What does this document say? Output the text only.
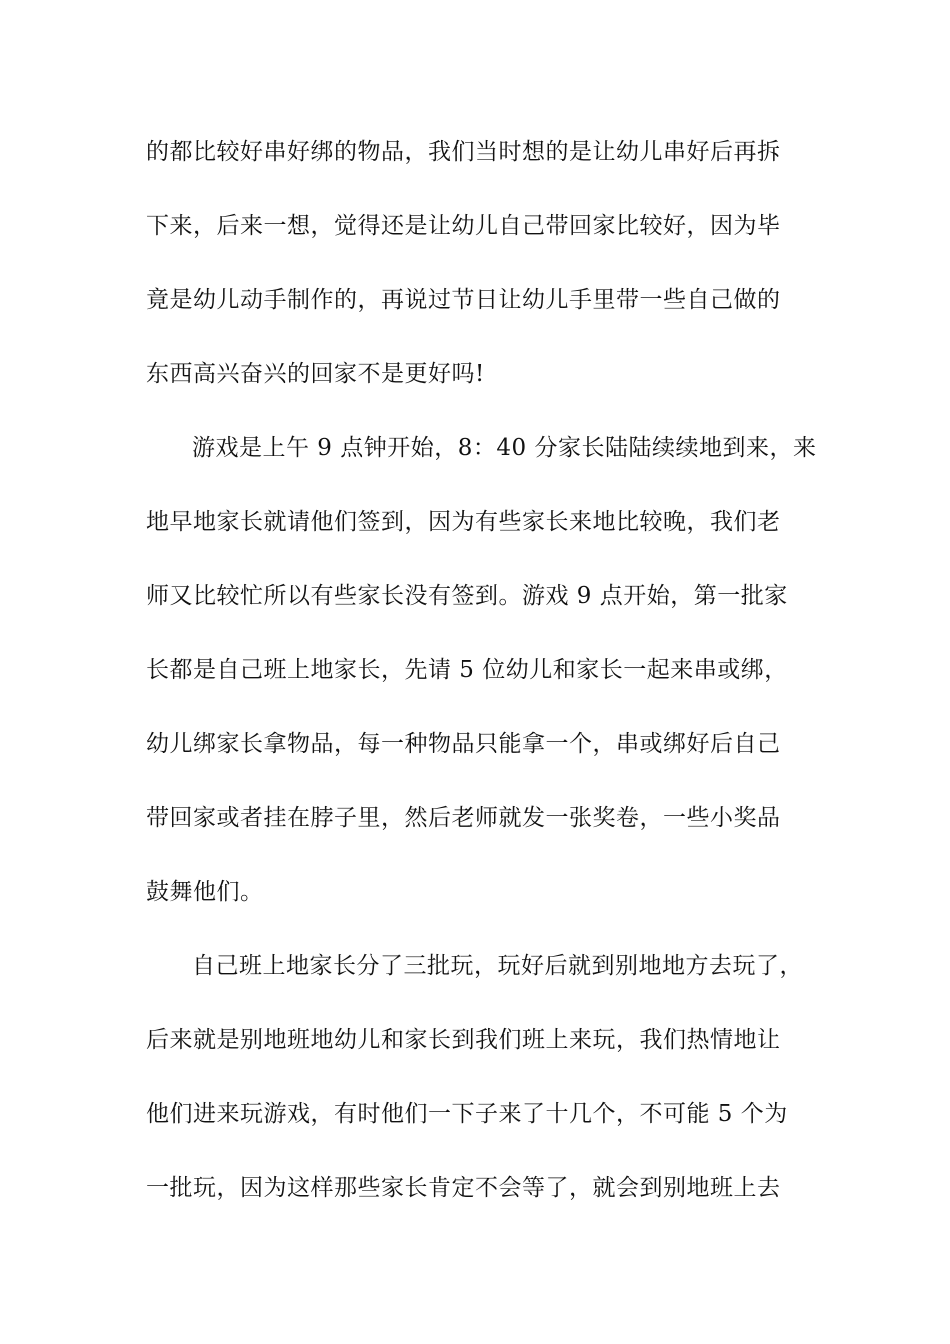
的都比较好串好绑的物品，我们当时想的是让幼儿串好后再拆
下来，后来一想，觉得还是让幼儿自己带回家比较好，因为毕
竟是幼儿动手制作的，再说过节日让幼儿手里带一些自己做的
东西高兴奋兴的回家不是更好吗!
游戏是上午 9 点钟开始，8：40 分家长陆陆续续地到来，来
地早地家长就请他们签到，因为有些家长来地比较晚，我们老
师又比较忙所以有些家长没有签到。游戏 9 点开始，第一批家
长都是自己班上地家长，先请 5 位幼儿和家长一起来串或绑，
幼儿绑家长拿物品，每一种物品只能拿一个，串或绑好后自己
带回家或者挂在脖子里，然后老师就发一张奖卷，一些小奖品
鼓舞他们。
自己班上地家长分了三批玩，玩好后就到别地地方去玩了，
后来就是别地班地幼儿和家长到我们班上来玩，我们热情地让
他们进来玩游戏，有时他们一下子来了十几个，不可能 5 个为
一批玩，因为这样那些家长肯定不会等了，就会到别地班上去
